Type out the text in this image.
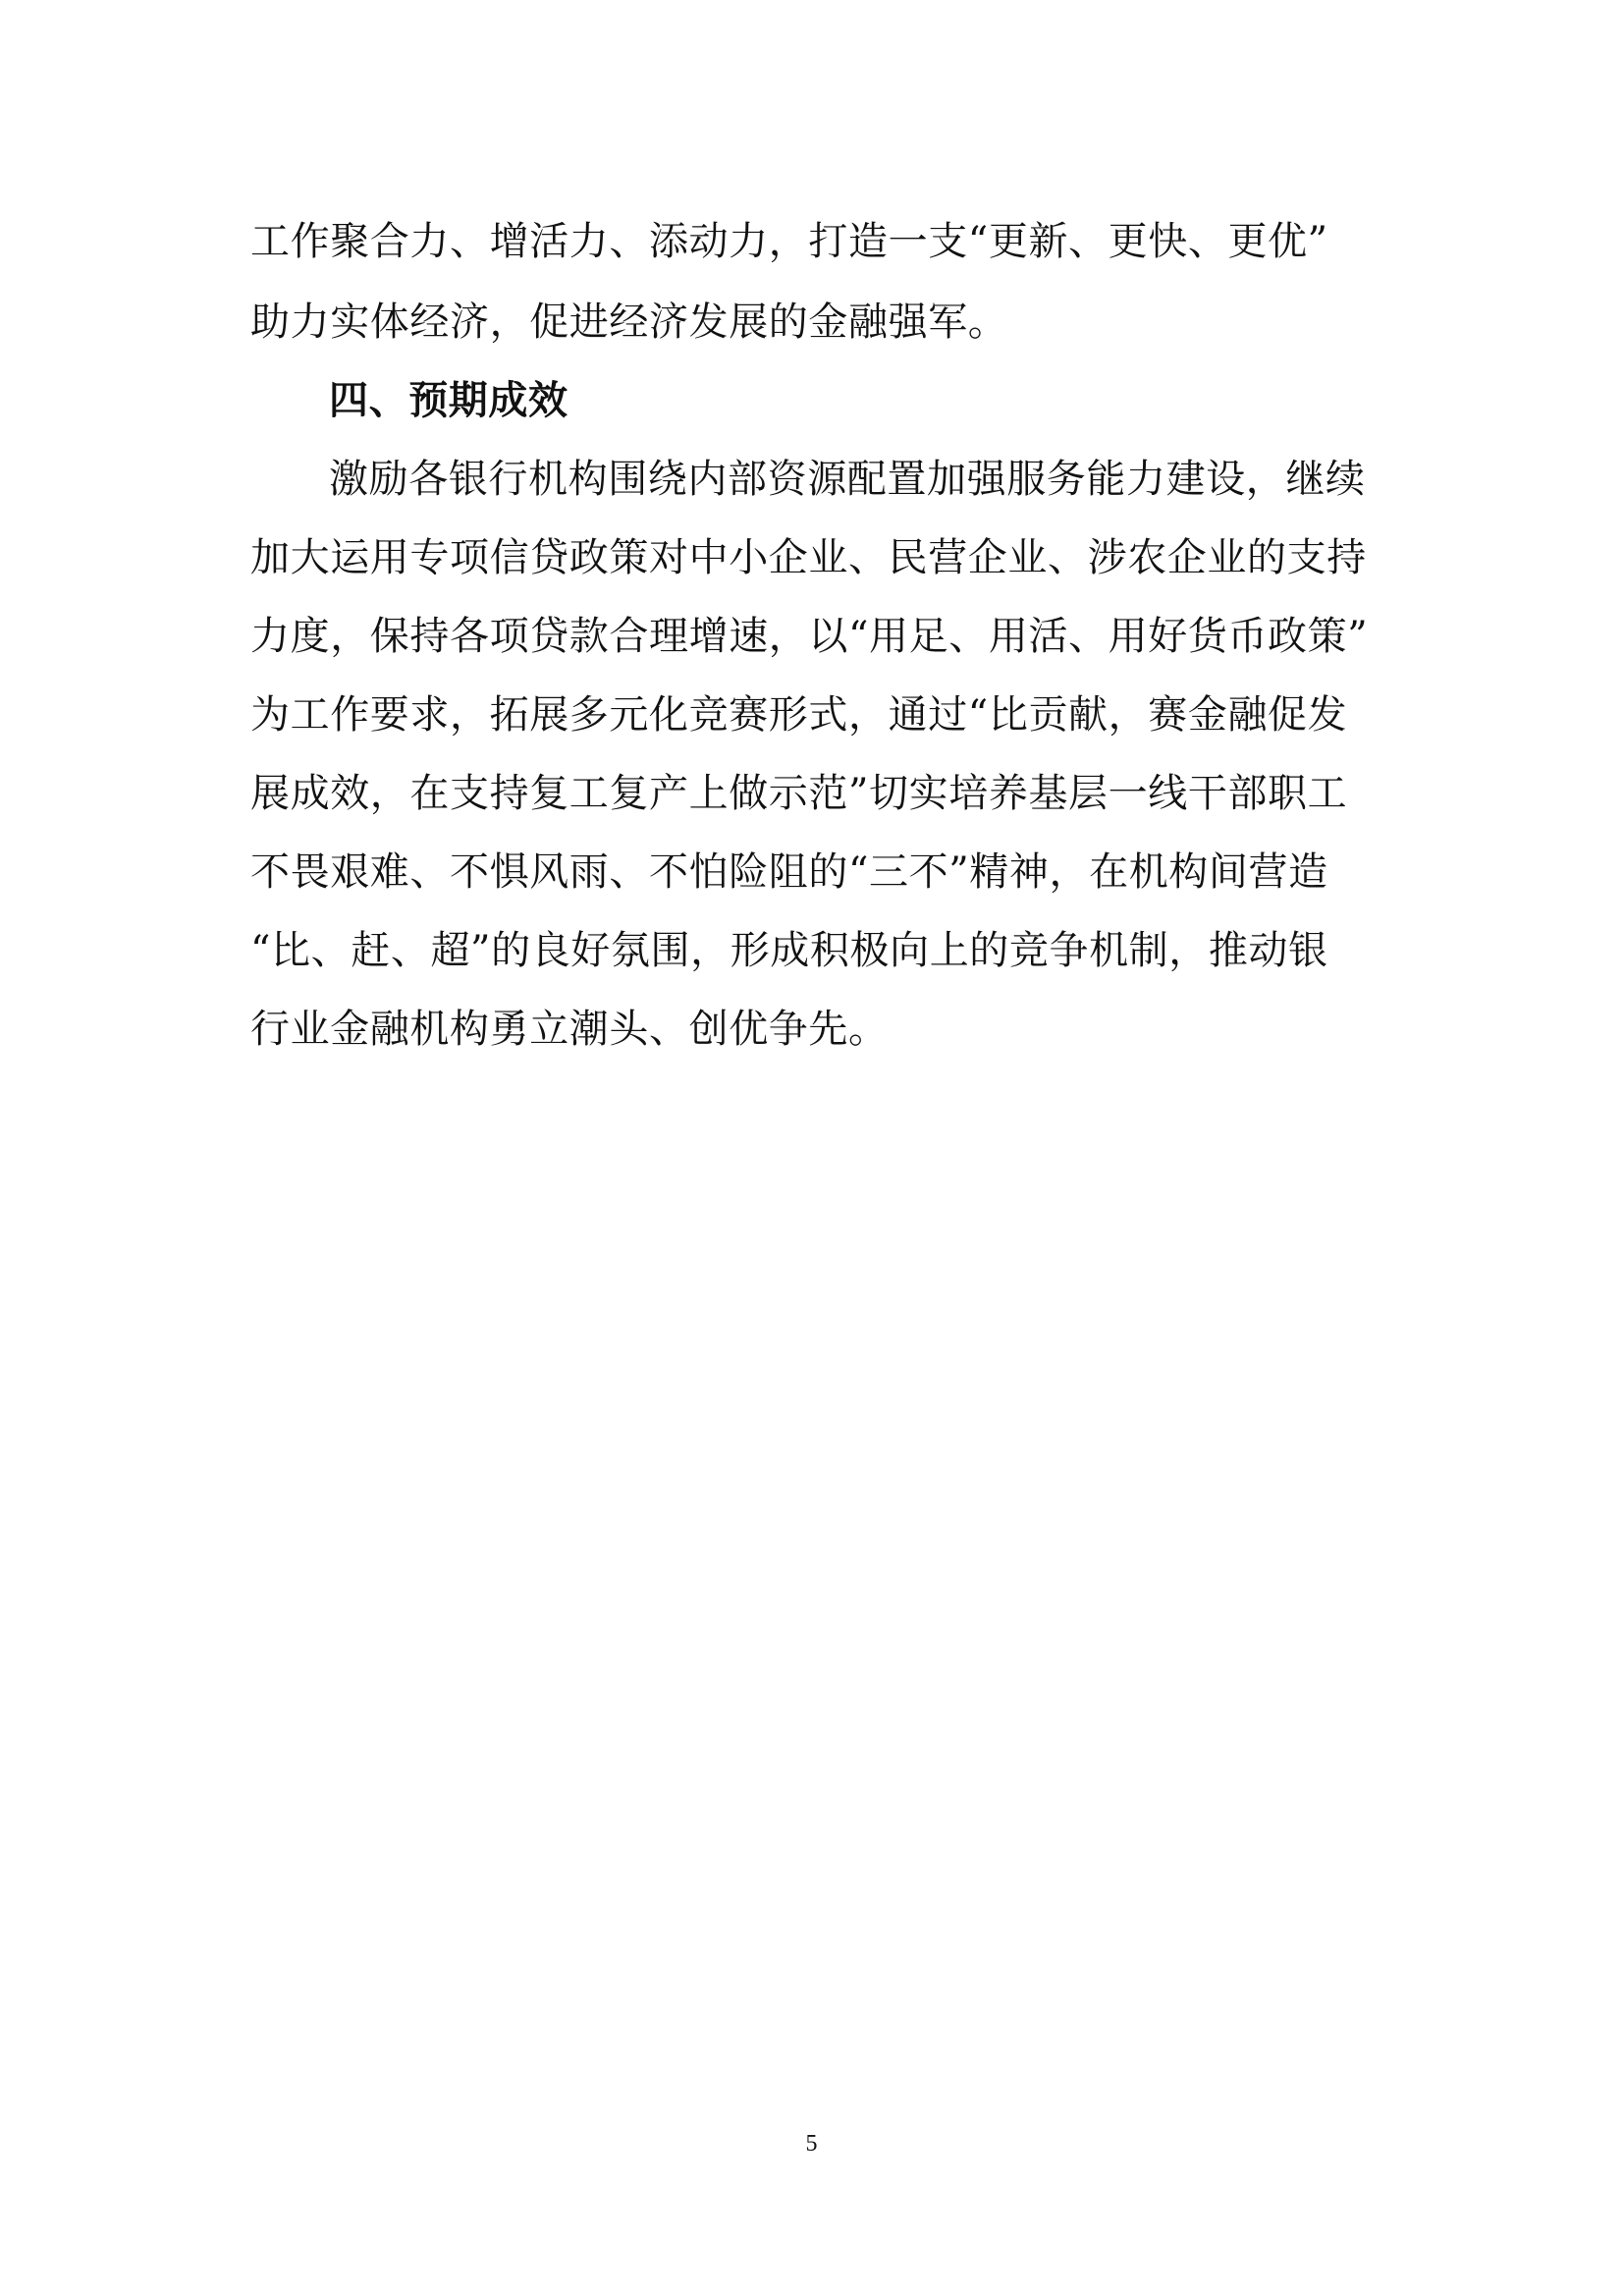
工作聚合力、增活力、添动力，打造一支“更新、更快、更优”
助力实体经济，促进经济发展的金融强军。
四、预期成效
激励各银行机构围绕内部资源配置加强服务能力建设，继续
加大运用专项信贷政策对中小企业、民营企业、涉农企业的支持
力度，保持各项贷款合理增速，以“用足、用活、用好货币政策”
为工作要求，拓展多元化竞赛形式，通过“比贡献，赛金融促发
展成效，在支持复工复产上做示范”切实培养基层一线干部职工
不畏艰难、不惧风雨、不怕险阻的“三不”精神，在机构间营造
“比、赶、超”的良好氛围，形成积极向上的竞争机制，推动银
行业金融机构勇立潮头、创优争先。
5
